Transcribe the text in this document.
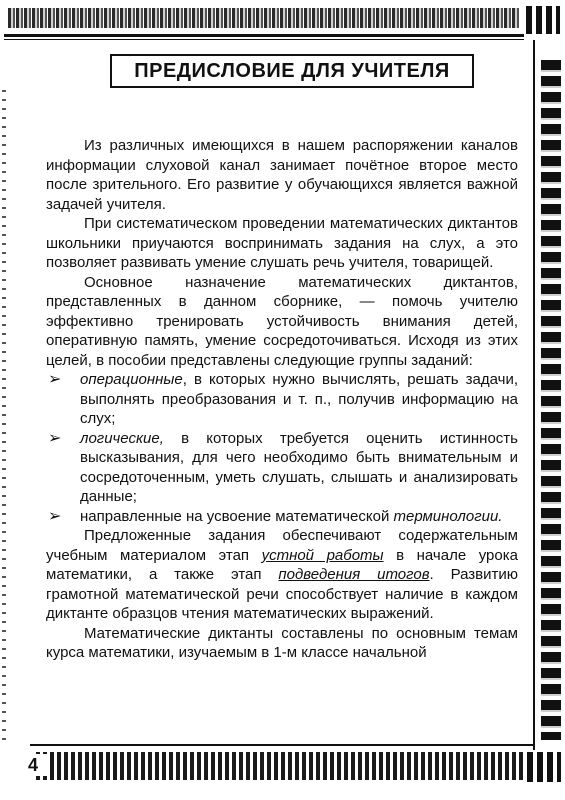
4
ПРЕДИСЛОВИЕ ДЛЯ УЧИТЕЛЯ

Из различных имеющихся в нашем распоряжении каналов информации слуховой канал занимает почётное второе место после зрительного. Его развитие у обучающихся является важной задачей учителя.

При систематическом проведении математических диктантов школьники приучаются воспринимать задания на слух, а это позволяет развивать умение слушать речь учителя, товарищей.

Основное назначение математических диктантов, представленных в данном сборнике, — помочь учителю эффективно тренировать устойчивость внимания детей, оперативную память, умение сосредоточиваться. Исходя из этих целей, в пособии представлены следующие группы заданий:

➢ операционные, в которых нужно вычислять, решать задачи, выполнять преобразования и т. п., получив информацию на слух;
➢ логические, в которых требуется оценить истинность высказывания, для чего необходимо быть внимательным и сосредоточенным, уметь слушать, слышать и анализировать данные;
➢ направленные на усвоение математической терминологии.

Предложенные задания обеспечивают содержательным учебным материалом этап устной работы в начале урока математики, а также этап подведения итогов. Развитию грамотной математической речи способствует наличие в каждом диктанте образцов чтения математических выражений.

Математические диктанты составлены по основным темам курса математики, изучаемым в 1-м классе начальной
